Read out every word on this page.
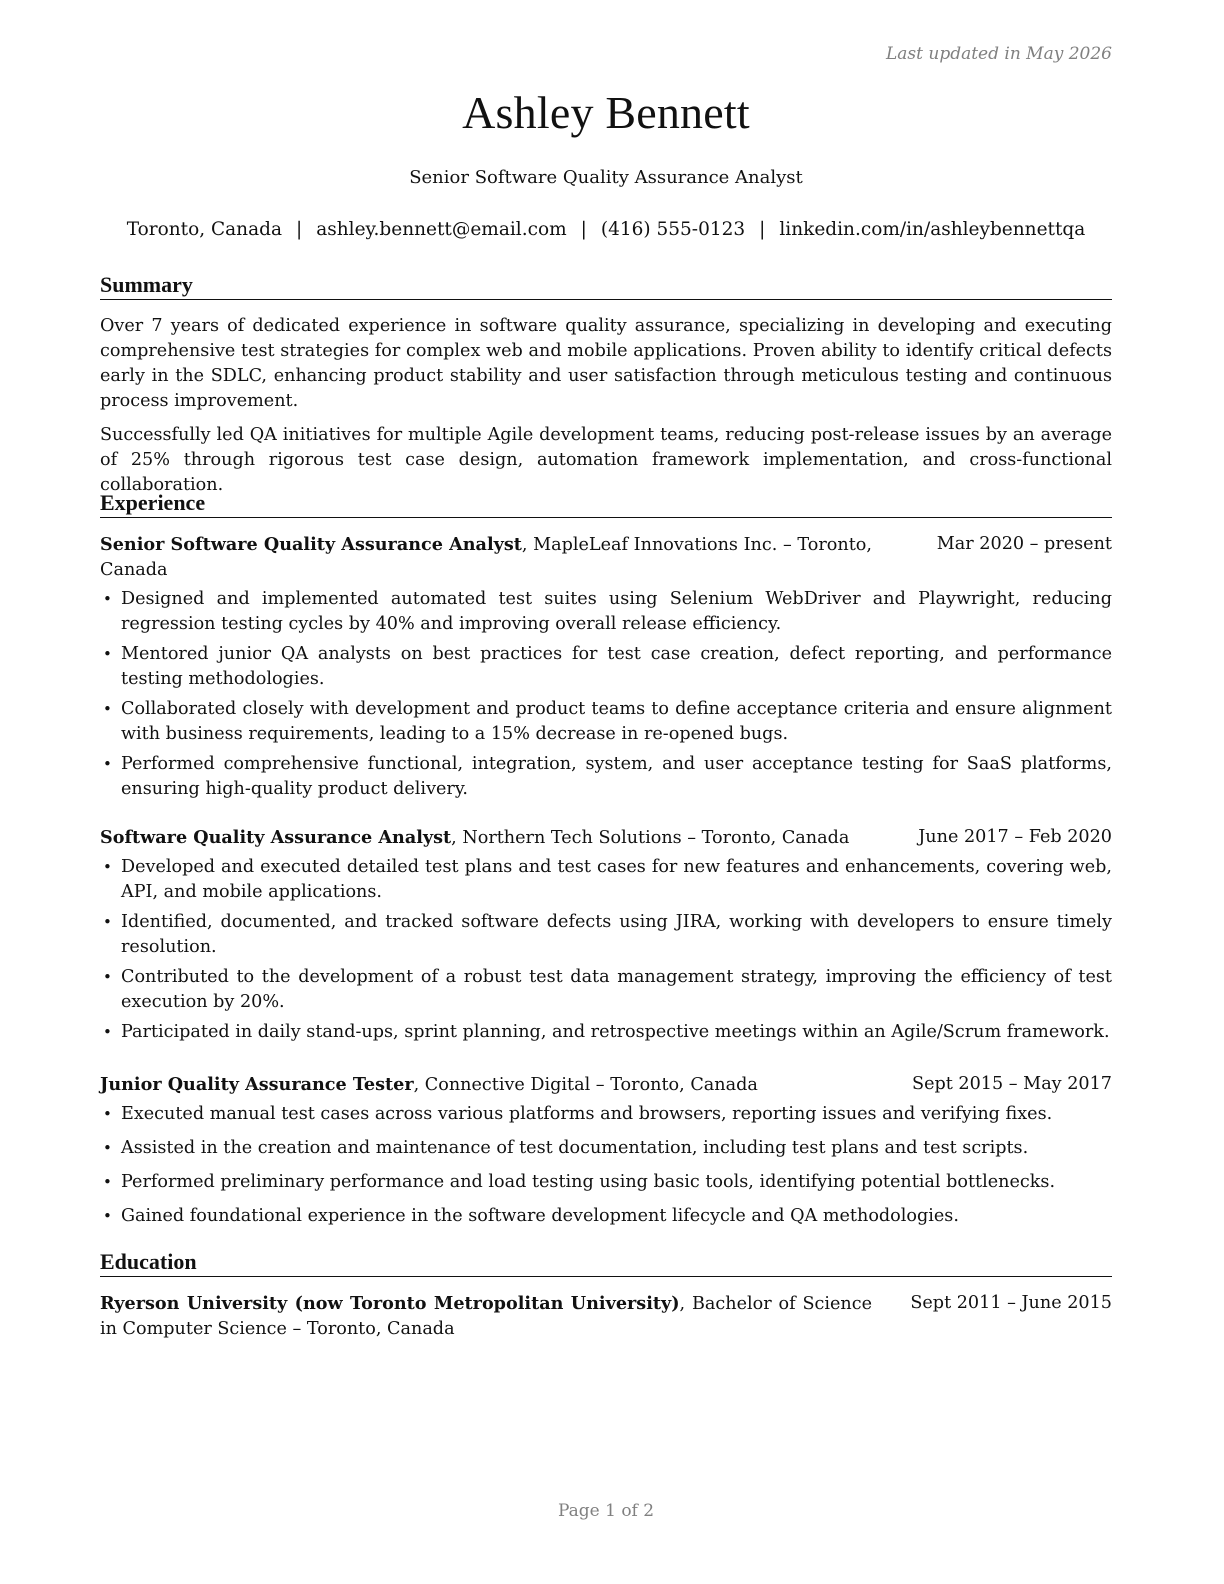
Last updated in May 2026
Ashley Bennett
Senior Software Quality Assurance Analyst
Toronto, Canada | ashley.bennett@email.com | (416) 555-0123 | linkedin.com/in/ashleybennettqa
Summary
Over 7 years of dedicated experience in software quality assurance, specializing in developing and executing comprehensive test strategies for complex web and mobile applications. Proven ability to identify critical defects early in the SDLC, enhancing product stability and user satisfaction through meticulous testing and continuous process improvement.
Successfully led QA initiatives for multiple Agile development teams, reducing post-release issues by an average of 25% through rigorous test case design, automation framework implementation, and cross-functional collaboration.
Experience
Senior Software Quality Assurance Analyst, MapleLeaf Innovations Inc. – Toronto, Canada
Mar 2020 – present
• Designed and implemented automated test suites using Selenium WebDriver and Playwright, reducing regression testing cycles by 40% and improving overall release efficiency.
• Mentored junior QA analysts on best practices for test case creation, defect reporting, and performance testing methodologies.
• Collaborated closely with development and product teams to define acceptance criteria and ensure alignment with business requirements, leading to a 15% decrease in re-opened bugs.
• Performed comprehensive functional, integration, system, and user acceptance testing for SaaS platforms, ensuring high-quality product delivery.
Software Quality Assurance Analyst, Northern Tech Solutions – Toronto, Canada	June 2017 – Feb 2020
• Developed and executed detailed test plans and test cases for new features and enhancements, covering web, API, and mobile applications.
• Identified, documented, and tracked software defects using JIRA, working with developers to ensure timely resolution.
• Contributed to the development of a robust test data management strategy, improving the efficiency of test execution by 20%.
• Participated in daily stand-ups, sprint planning, and retrospective meetings within an Agile/Scrum framework.
Junior Quality Assurance Tester, Connective Digital – Toronto, Canada	Sept 2015 – May 2017
• Executed manual test cases across various platforms and browsers, reporting issues and verifying fixes.
• Assisted in the creation and maintenance of test documentation, including test plans and test scripts.
• Performed preliminary performance and load testing using basic tools, identifying potential bottlenecks.
• Gained foundational experience in the software development lifecycle and QA methodologies.
Education
Ryerson University (now Toronto Metropolitan University), Bachelor of Science in Computer Science – Toronto, Canada
Sept 2011 – June 2015
Page 1 of 2
